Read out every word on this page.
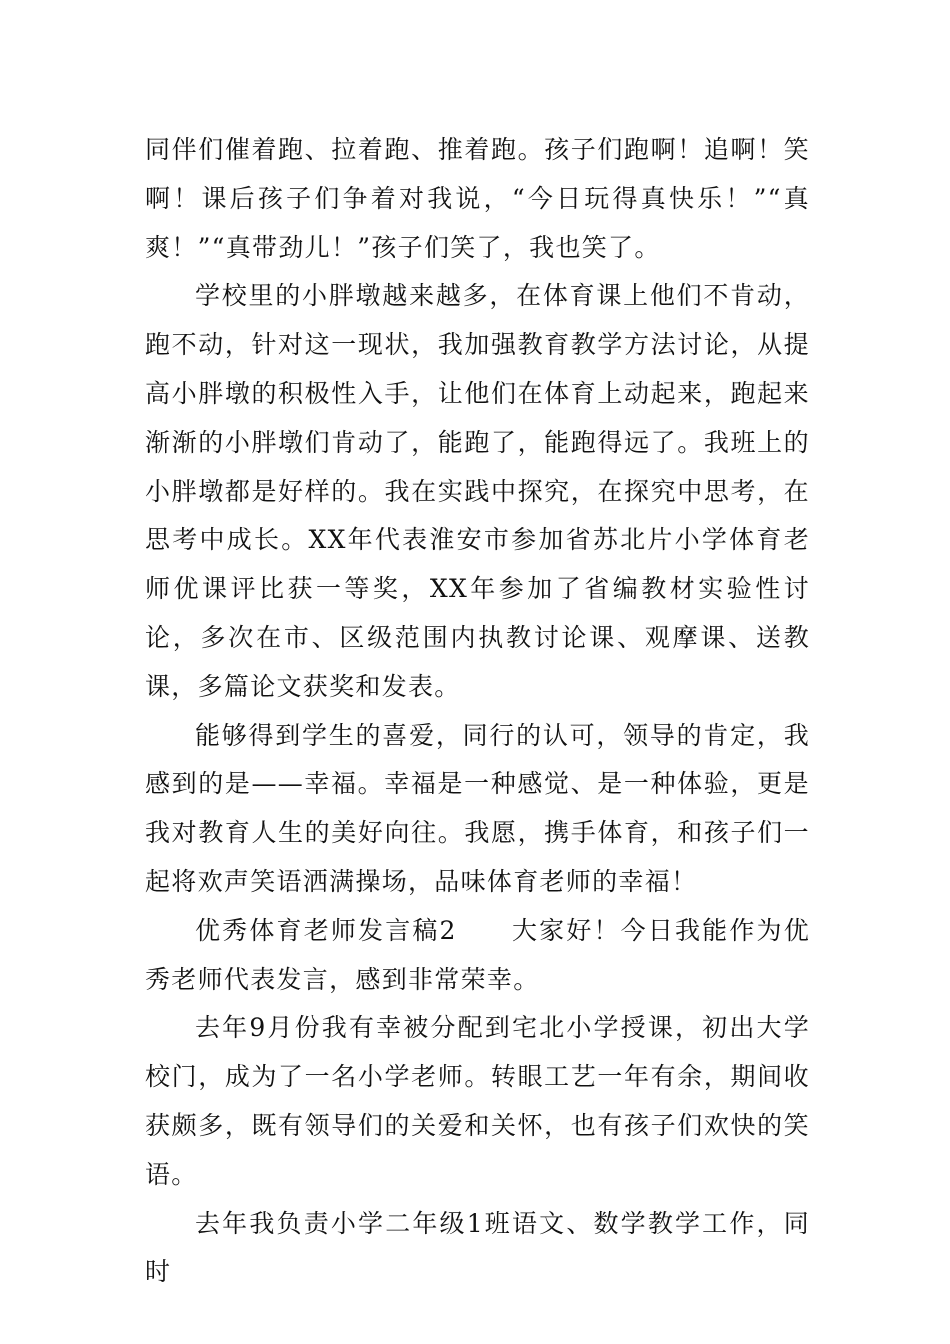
同伴们催着跑、拉着跑、推着跑。孩子们跑啊！追啊！笑啊！课后孩子们争着对我说，“今日玩得真快乐！”“真爽！”“真带劲儿！”孩子们笑了，我也笑了。

学校里的小胖墩越来越多，在体育课上他们不肯动，跑不动，针对这一现状，我加强教育教学方法讨论，从提高小胖墩的积极性入手，让他们在体育上动起来，跑起来渐渐的小胖墩们肯动了，能跑了，能跑得远了。我班上的小胖墩都是好样的。我在实践中探究，在探究中思考，在思考中成长。XX年代表淮安市参加省苏北片小学体育老师优课评比获一等奖，XX年参加了省编教材实验性讨论，多次在市、区级范围内执教讨论课、观摩课、送教课，多篇论文获奖和发表。

能够得到学生的喜爱，同行的认可，领导的肯定，我感到的是——幸福。幸福是一种感觉、是一种体验，更是我对教育人生的美好向往。我愿，携手体育，和孩子们一起将欢声笑语洒满操场，品味体育老师的幸福！

优秀体育老师发言稿2　　大家好！今日我能作为优秀老师代表发言，感到非常荣幸。

去年9月份我有幸被分配到宅北小学授课，初出大学校门，成为了一名小学老师。转眼工艺一年有余，期间收获颇多，既有领导们的关爱和关怀，也有孩子们欢快的笑语。

去年我负责小学二年级1班语文、数学教学工作，同时
